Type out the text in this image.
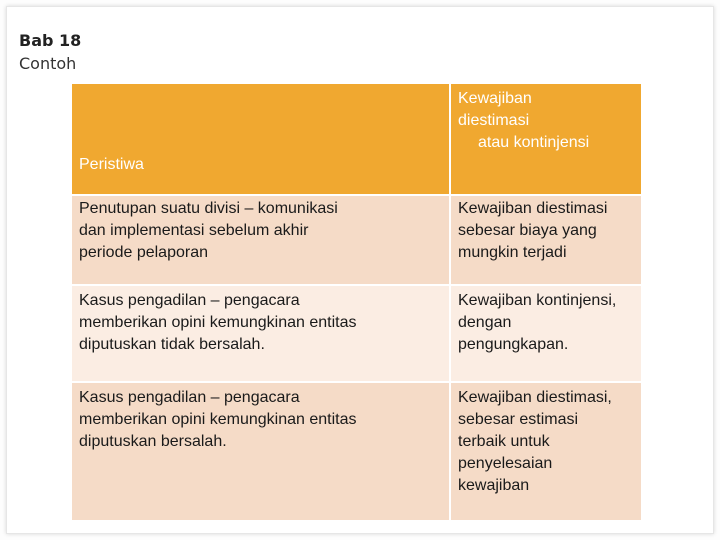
Bab 18
Contoh
Peristiwa	Kewajiban
diestimasi
atau kontinjensi

Penutupan suatu divisi – komunikasi
dan implementasi sebelum akhir
periode pelaporan	Kewajiban diestimasi
sebesar biaya yang
mungkin terjadi

Kasus pengadilan – pengacara
memberikan opini kemungkinan entitas
diputuskan tidak bersalah.	Kewajiban kontinjensi,
dengan
pengungkapan.

Kasus pengadilan – pengacara
memberikan opini kemungkinan entitas
diputuskan bersalah.	Kewajiban diestimasi,
sebesar estimasi
terbaik untuk
penyelesaian
kewajiban
